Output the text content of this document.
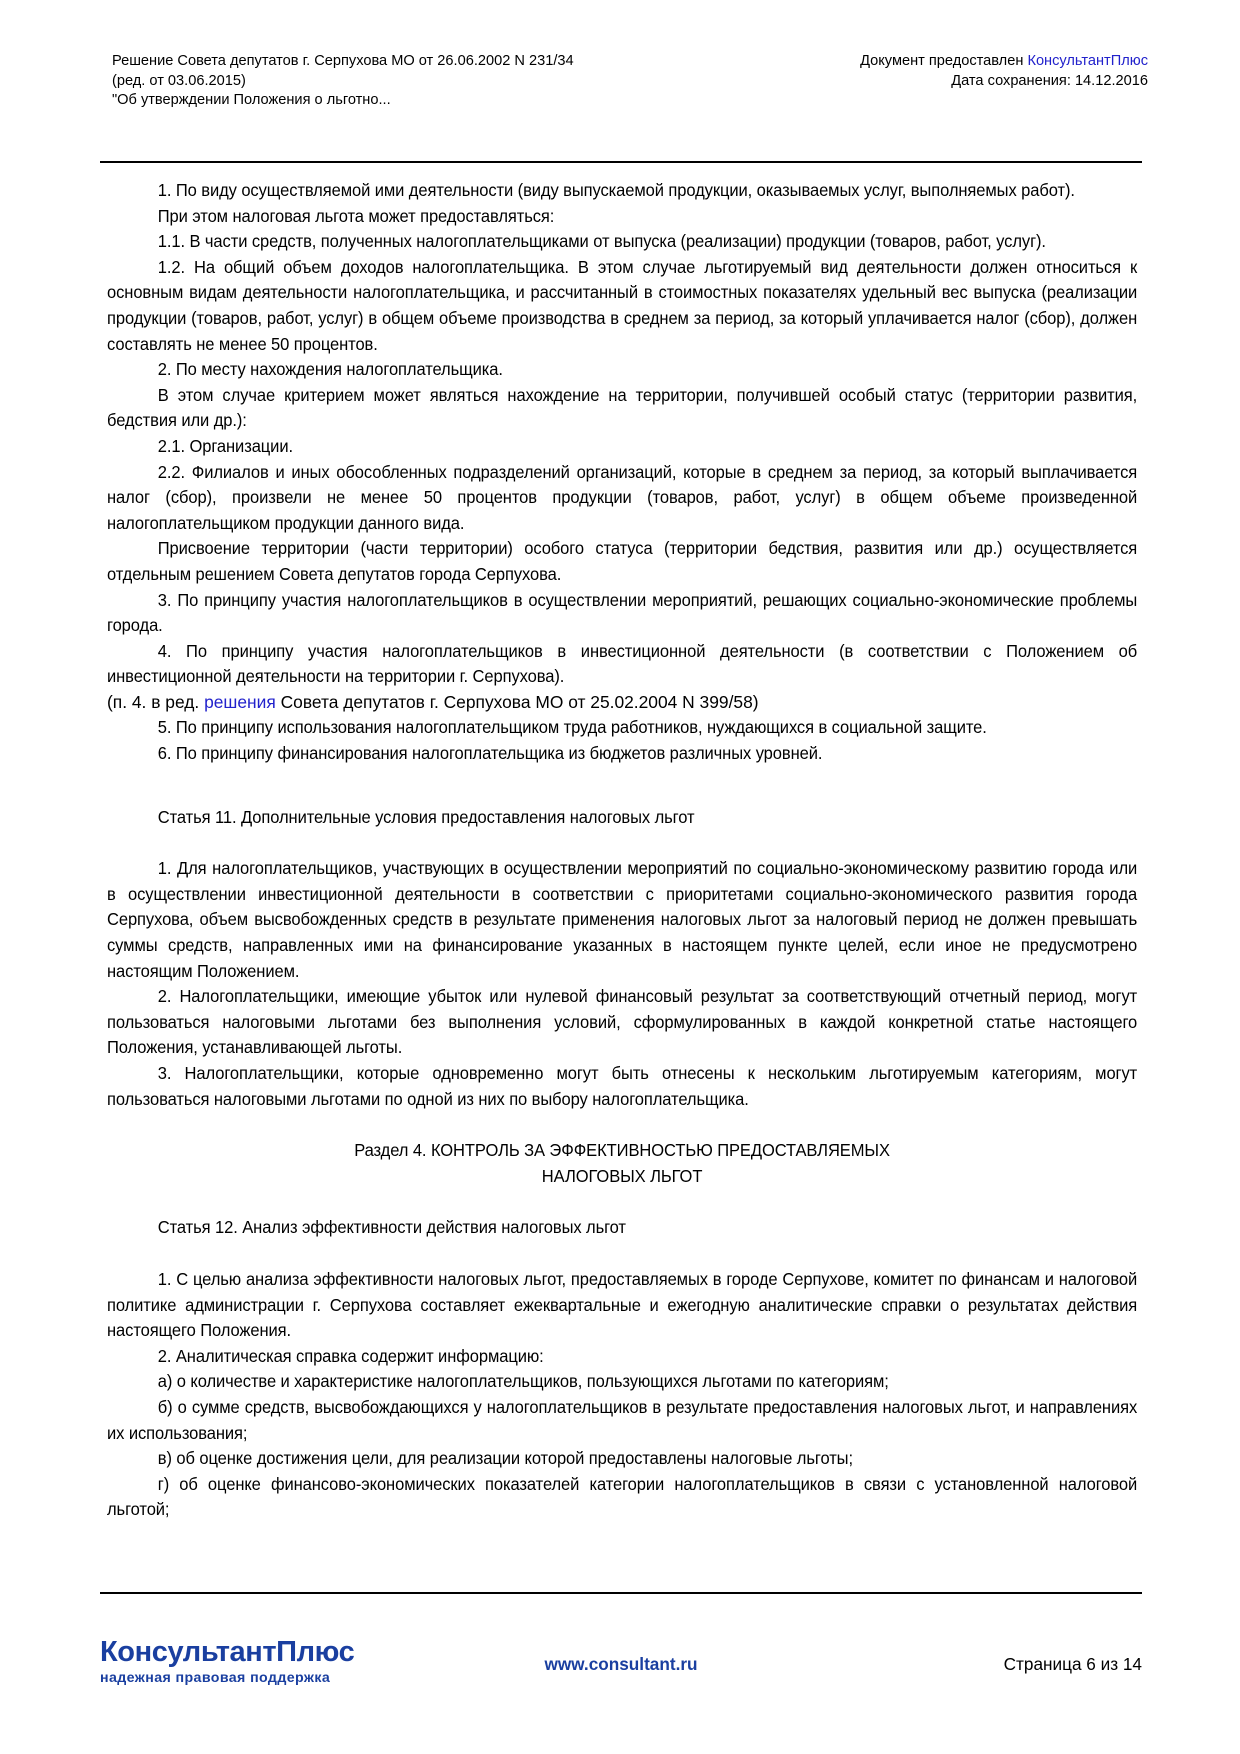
Решение Совета депутатов г. Серпухова МО от 26.06.2002 N 231/34
(ред. от 03.06.2015)
"Об утверждении Положения о льготно...
Документ предоставлен КонсультантПлюс
Дата сохранения: 14.12.2016

1. По виду осуществляемой ими деятельности (виду выпускаемой продукции, оказываемых услуг, выполняемых работ).

При этом налоговая льгота может предоставляться:

1.1. В части средств, полученных налогоплательщиками от выпуска (реализации) продукции (товаров, работ, услуг).

1.2. На общий объем доходов налогоплательщика. В этом случае льготируемый вид деятельности должен относиться к основным видам деятельности налогоплательщика, и рассчитанный в стоимостных показателях удельный вес выпуска (реализации продукции (товаров, работ, услуг) в общем объеме производства в среднем за период, за который уплачивается налог (сбор), должен составлять не менее 50 процентов.

2. По месту нахождения налогоплательщика.

В этом случае критерием может являться нахождение на территории, получившей особый статус (территории развития, бедствия или др.):

2.1. Организации.

2.2. Филиалов и иных обособленных подразделений организаций, которые в среднем за период, за который выплачивается налог (сбор), произвели не менее 50 процентов продукции (товаров, работ, услуг) в общем объеме произведенной налогоплательщиком продукции данного вида.

Присвоение территории (части территории) особого статуса (территории бедствия, развития или др.) осуществляется отдельным решением Совета депутатов города Серпухова.

3. По принципу участия налогоплательщиков в осуществлении мероприятий, решающих социально-экономические проблемы города.

4. По принципу участия налогоплательщиков в инвестиционной деятельности (в соответствии с Положением об инвестиционной деятельности на территории г. Серпухова).

(п. 4. в ред. решения Совета депутатов г. Серпухова МО от 25.02.2004 N 399/58)

5. По принципу использования налогоплательщиком труда работников, нуждающихся в социальной защите.

6. По принципу финансирования налогоплательщика из бюджетов различных уровней.

Статья 11. Дополнительные условия предоставления налоговых льгот

1. Для налогоплательщиков, участвующих в осуществлении мероприятий по социально-экономическому развитию города или в осуществлении инвестиционной деятельности в соответствии с приоритетами социально-экономического развития города Серпухова, объем высвобожденных средств в результате применения налоговых льгот за налоговый период не должен превышать суммы средств, направленных ими на финансирование указанных в настоящем пункте целей, если иное не предусмотрено настоящим Положением.

2. Налогоплательщики, имеющие убыток или нулевой финансовый результат за соответствующий отчетный период, могут пользоваться налоговыми льготами без выполнения условий, сформулированных в каждой конкретной статье настоящего Положения, устанавливающей льготы.

3. Налогоплательщики, которые одновременно могут быть отнесены к нескольким льготируемым категориям, могут пользоваться налоговыми льготами по одной из них по выбору налогоплательщика.

Раздел 4. КОНТРОЛЬ ЗА ЭФФЕКТИВНОСТЬЮ ПРЕДОСТАВЛЯЕМЫХ

НАЛОГОВЫХ ЛЬГОТ

Статья 12. Анализ эффективности действия налоговых льгот

1. С целью анализа эффективности налоговых льгот, предоставляемых в городе Серпухове, комитет по финансам и налоговой политике администрации г. Серпухова составляет ежеквартальные и ежегодную аналитические справки о результатах действия настоящего Положения.

2. Аналитическая справка содержит информацию:

а) о количестве и характеристике налогоплательщиков, пользующихся льготами по категориям;

б) о сумме средств, высвобождающихся у налогоплательщиков в результате предоставления налоговых льгот, и направлениях их использования;

в) об оценке достижения цели, для реализации которой предоставлены налоговые льготы;

г) об оценке финансово-экономических показателей категории налогоплательщиков в связи с установленной налоговой льготой;

КонсультантПлюс
надежная правовая поддержка
www.consultant.ru	Страница 6 из 14
